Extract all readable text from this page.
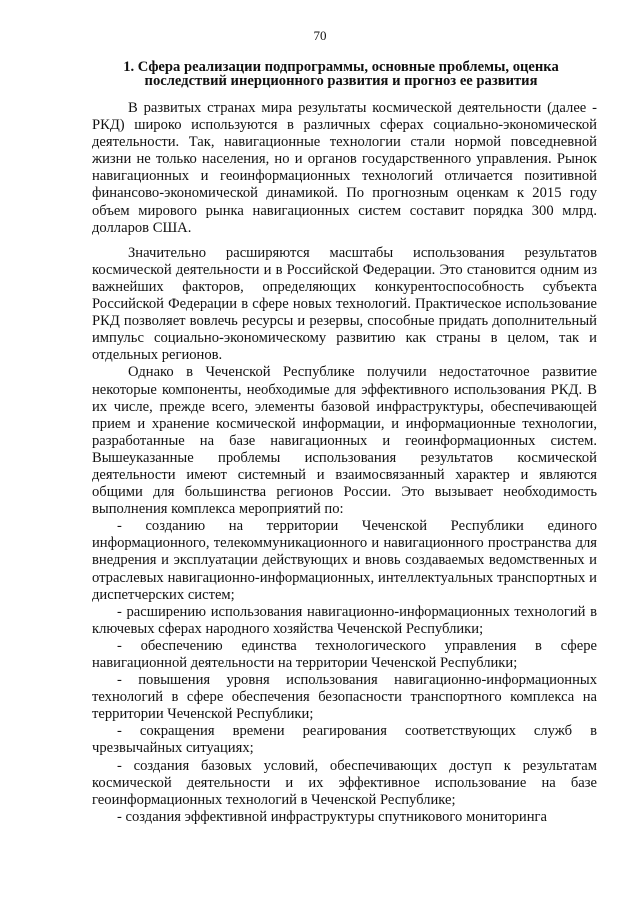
70
1. Сфера реализации подпрограммы, основные проблемы, оценка последствий инерционного развития и прогноз ее развития

В развитых странах мира результаты космической деятельности (далее - РКД) широко используются в различных сферах социально-экономической деятельности. Так, навигационные технологии стали нормой повседневной жизни не только населения, но и органов государственного управления. Рынок навигационных и геоинформационных технологий отличается позитивной финансово-экономической динамикой. По прогнозным оценкам к 2015 году объем мирового рынка навигационных систем составит порядка 300 млрд. долларов США.

Значительно расширяются масштабы использования результатов космической деятельности и в Российской Федерации. Это становится одним из важнейших факторов, определяющих конкурентоспособность субъекта Российской Федерации в сфере новых технологий. Практическое использование РКД позволяет вовлечь ресурсы и резервы, способные придать дополнительный импульс социально-экономическому развитию как страны в целом, так и отдельных регионов.

Однако в Чеченской Республике получили недостаточное развитие некоторые компоненты, необходимые для эффективного использования РКД. В их числе, прежде всего, элементы базовой инфраструктуры, обеспечивающей прием и хранение космической информации, и информационные технологии, разработанные на базе навигационных и геоинформационных систем. Вышеуказанные проблемы использования результатов космической деятельности имеют системный и взаимосвязанный характер и являются общими для большинства регионов России. Это вызывает необходимость выполнения комплекса мероприятий по:

- созданию на территории Чеченской Республики единого информационного, телекоммуникационного и навигационного пространства для внедрения и эксплуатации действующих и вновь создаваемых ведомственных и отраслевых навигационно-информационных, интеллектуальных транспортных и диспетчерских систем;

- расширению использования навигационно-информационных технологий в ключевых сферах народного хозяйства Чеченской Республики;

- обеспечению единства технологического управления в сфере навигационной деятельности на территории Чеченской Республики;

- повышения уровня использования навигационно-информационных технологий в сфере обеспечения безопасности транспортного комплекса на территории Чеченской Республики;

- сокращения времени реагирования соответствующих служб в чрезвычайных ситуациях;

- создания базовых условий, обеспечивающих доступ к результатам космической деятельности и их эффективное использование на базе геоинформационных технологий в Чеченской Республике;

- создания эффективной инфраструктуры спутникового мониторинга
